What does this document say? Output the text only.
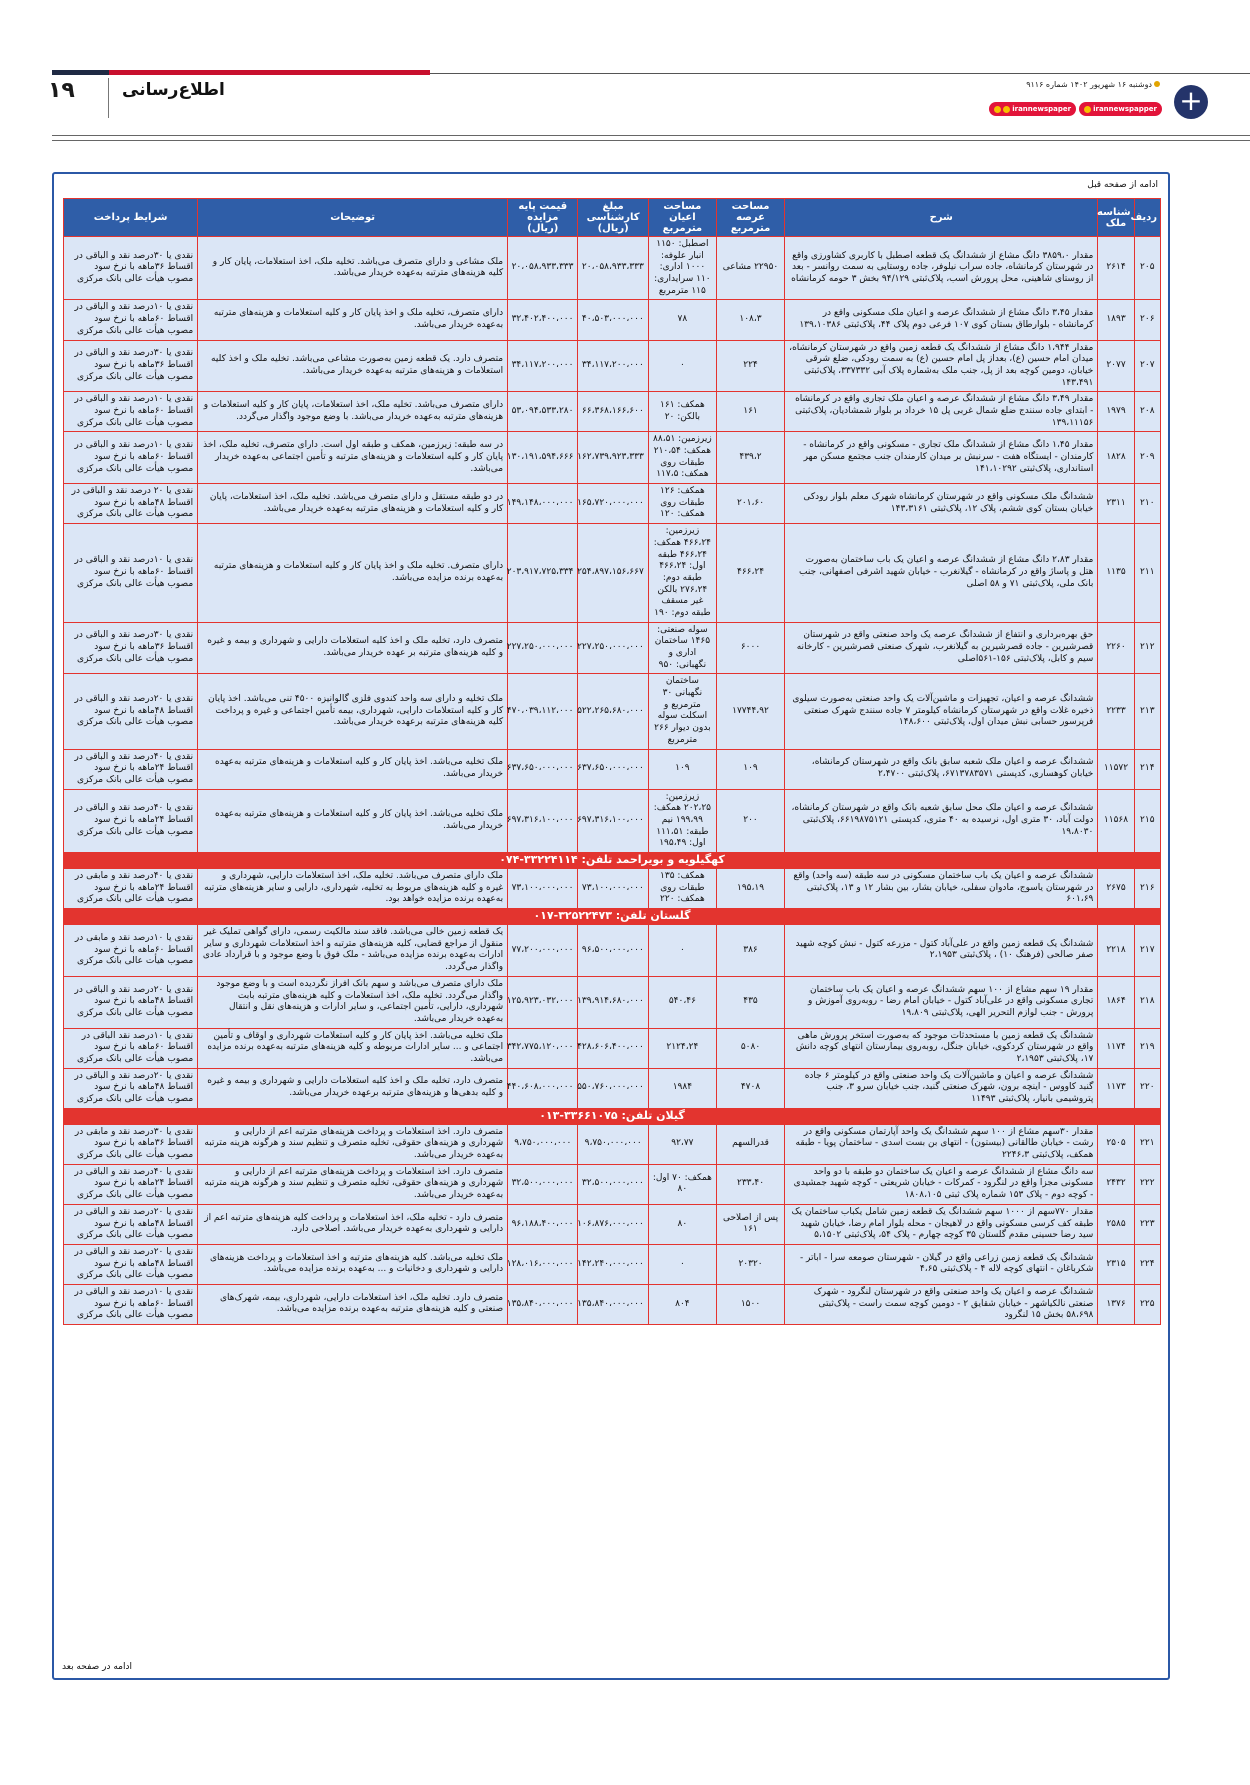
۱۹	اطلاع‌رسانی	+
دوشنبه ۱۶ شهریور ۱۴۰۲ شماره ۹۱۱۶
irannewspaper	irannewspapper
ادامه از صفحه قبل
ردیف	شناسه ملک	شرح	مساحت عرصه مترمربع	مساحت اعیان مترمربع	مبلغ کارشناسی (ریال)	قیمت پایه مزایده (ریال)	توضیحات	شرایط پرداخت
۲۰۵	۲۶۱۴	مقدار ۳۸۵۹،۰ دانگ مشاع از ششدانگ یک قطعه اصطبل با کاربری کشاورزی واقع در شهرستان کرمانشاه، جاده سراب نیلوفر، جاده روستایی به سمت روانسر - بعد از روستای شاهینی، محل پرورش اسب، پلاک‌ثبتی ۹۴/۱۲۹ بخش ۳ حومه کرمانشاه	۲۲۹۵۰ مشاعی	اصطبل: ۱۱۵۰ انبار علوفه: ۱۰۰۰ اداری: ۱۱۰ سرایداری: ۱۱۵ مترمربع	۲۰،۰۵۸،۹۳۳،۳۳۳	۲۰،۰۵۸،۹۳۳،۳۳۳	ملک مشاعی و دارای متصرف می‌باشد. تخلیه ملک، اخذ استعلامات، پایان کار و کلیه هزینه‌های مترتبه به‌عهده خریدار می‌باشد.	نقدی یا ۳۰درصد نقد و الباقی در اقساط ۳۶ماهه با نرخ سود مصوب هیأت عالی بانک مرکزی
۲۰۶	۱۸۹۳	مقدار ۳،۴۵ دانگ مشاع از ششدانگ عرصه و اعیان ملک مسکونی واقع در کرمانشاه - بلوارطاق بستان کوی ۱۰۷ فرعی دوم پلاک ۴۴، پلاک‌ثبتی ۱۳۹،۱۰۳۸۶	۱۰۸،۳	۷۸	۴۰،۵۰۳،۰۰۰،۰۰۰	۳۲،۴۰۲،۴۰۰،۰۰۰	دارای متصرف، تخلیه ملک و اخذ پایان کار و کلیه استعلامات و هزینه‌های مترتبه به‌عهده خریدار می‌باشد.	نقدی یا ۱۰درصد نقد و الباقی در اقساط ۶۰ماهه با نرخ سود مصوب هیأت عالی بانک مرکزی
۲۰۷	۲۰۷۷	مقدار ۱،۹۴۴ دانگ مشاع از ششدانگ یک قطعه زمین واقع در شهرستان کرمانشاه، میدان امام حسین (ع)، بعداز پل امام حسین (ع) به سمت رودکی، ضلع شرقی خیابان، دومین کوچه بعد از پل، جنب ملک به‌شماره پلاک آبی ۳۳۷۳۳۲، پلاک‌ثبتی ۱۴۳،۴۹۱	۲۲۴	۰	۳۴،۱۱۷،۲۰۰،۰۰۰	۳۴،۱۱۷،۲۰۰،۰۰۰	متصرف دارد. یک قطعه زمین به‌صورت مشاعی می‌باشد. تخلیه ملک و اخذ کلیه استعلامات و هزینه‌های مترتبه به‌عهده خریدار می‌باشد.	نقدی یا ۳۰درصد نقد و الباقی در اقساط ۳۶ماهه با نرخ سود مصوب هیأت عالی بانک مرکزی
۲۰۸	۱۹۷۹	مقدار ۳،۴۹ دانگ مشاع از ششدانگ عرصه و اعیان ملک تجاری واقع در کرمانشاه - ابتدای جاده سنندج ضلع شمال غربی پل ۱۵ خرداد بر بلوار شمشادیان، پلاک‌ثبتی ۱۳۹،۱۱۱۵۶	۱۶۱	همکف: ۱۶۱ بالکن: ۲۰	۶۶،۳۶۸،۱۶۶،۶۰۰	۵۳،۰۹۴،۵۳۳،۲۸۰	دارای متصرف می‌باشد. تخلیه ملک، اخذ استعلامات، پایان کار و کلیه استعلامات و هزینه‌های مترتبه به‌عهده خریدار می‌باشد. با وضع موجود واگذار می‌گردد.	نقدی یا ۱۰درصد نقد و الباقی در اقساط ۶۰ماهه با نرخ سود مصوب هیأت عالی بانک مرکزی
۲۰۹	۱۸۲۸	مقدار ۱،۴۵ دانگ مشاع از ششدانگ ملک تجاری - مسکونی واقع در کرمانشاه - کارمندان - ایستگاه هفت - سرنبش بر میدان کارمندان جنب مجتمع مسکن مهر استانداری، پلاک‌ثبتی ۱۴۱،۱۰۲۹۲	۴۳۹،۲	زیرزمین: ۸۸،۵۱ همکف: ۲۱۰،۵۴ طبقات روی همکف: ۱۱۷،۵	۱۶۲،۷۳۹،۹۲۳،۳۳۳	۱۳۰،۱۹۱،۵۹۴،۶۶۶	در سه طبقه: زیرزمین، همکف و طبقه اول است. دارای متصرف، تخلیه ملک، اخذ پایان کار و کلیه استعلامات و هزینه‌های مترتبه و تأمین اجتماعی به‌عهده خریدار می‌باشد.	نقدی یا ۱۰درصد نقد و الباقی در اقساط ۶۰ماهه با نرخ سود مصوب هیأت عالی بانک مرکزی
۲۱۰	۲۳۱۱	ششدانگ ملک مسکونی واقع در شهرستان کرمانشاه شهرک معلم بلوار رودکی خیابان بستان کوی ششم، پلاک ۱۲، پلاک‌ثبتی ۱۴۳،۳۱۶۱	۲۰۱،۶۰	همکف: ۱۲۶ طبقات روی همکف: ۱۲۰	۱۶۵،۷۲۰،۰۰۰،۰۰۰	۱۴۹،۱۴۸،۰۰۰،۰۰۰	در دو طبقه مستقل و دارای متصرف می‌باشد. تخلیه ملک، اخذ استعلامات، پایان کار و کلیه استعلامات و هزینه‌های مترتبه به‌عهده خریدار می‌باشد.	نقدی یا ۲۰ درصد نقد و الباقی در اقساط ۴۸ماهه با نرخ سود مصوب هیأت عالی بانک مرکزی
۲۱۱	۱۱۳۵	مقدار ۲،۸۳ دانگ مشاع از ششدانگ عرصه و اعیان یک باب ساختمان به‌صورت هتل و پاساژ واقع در کرمانشاه - گیلانغرب - خیابان شهید اشرفی اصفهانی، جنب بانک ملی، پلاک‌ثبتی ۷۱ و ۵۸ اصلی	۴۶۶،۲۴	زیرزمین: ۴۶۶،۲۴ همکف: ۴۶۶،۲۴ طبقه اول: ۴۶۶،۲۴ طبقه دوم: ۲۷۶،۲۴ بالکن غیر مسقف طبقه دوم: ۱۹۰	۲۵۴،۸۹۷،۱۵۶،۶۶۷	۲۰۳،۹۱۷،۷۲۵،۳۳۴	دارای متصرف. تخلیه ملک و اخذ پایان کار و کلیه استعلامات و هزینه‌های مترتبه به‌عهده برنده مزایده می‌باشد.	نقدی یا ۱۰درصد نقد و الباقی در اقساط ۶۰ماهه با نرخ سود مصوب هیأت عالی بانک مرکزی
۲۱۲	۲۲۶۰	حق بهره‌برداری و انتفاع از ششدانگ عرصه یک واحد صنعتی واقع در شهرستان قصرشیرین - جاده قصرشیرین به گیلانغرب، شهرک صنعتی قصرشیرین - کارخانه سیم و کابل، پلاک‌ثبتی ۱۵۶-۵۶۱اصلی	۶۰۰۰	سوله صنعتی: ۱۴۶۵ ساختمان اداری و نگهبانی: ۹۵۰	۲۲۷،۲۵۰،۰۰۰،۰۰۰	۲۲۷،۲۵۰،۰۰۰،۰۰۰	متصرف دارد، تخلیه ملک و اخذ کلیه استعلامات دارایی و شهرداری و بیمه و غیره و کلیه هزینه‌های مترتبه بر عهده خریدار می‌باشد.	نقدی یا ۳۰درصد نقد و الباقی در اقساط ۳۶ماهه با نرخ سود مصوب هیأت عالی بانک مرکزی
۲۱۳	۲۲۳۳	ششدانگ عرصه و اعیان، تجهیزات و ماشین‌آلات یک واحد صنعتی به‌صورت سیلوی ذخیره غلات واقع در شهرستان کرمانشاه کیلومتر ۷ جاده سنندج شهرک صنعتی فرپرسور حسابی نبش میدان اول، پلاک‌ثبتی ۱۴۸،۶۰۰	۱۷۷۴۴،۹۲	ساختمان نگهبانی ۳۰ مترمربع و اسکلت سوله بدون دیوار ۲۶۶ مترمربع	۵۲۲،۲۶۵،۶۸۰،۰۰۰	۴۷۰،۰۳۹،۱۱۲،۰۰۰	ملک تخلیه و دارای سه واحد کندوی فلزی گالوانیزه ۴۵۰۰ تنی می‌باشد. اخذ پایان کار و کلیه استعلامات دارایی، شهرداری، بیمه تأمین اجتماعی و غیره و پرداخت کلیه هزینه‌های مترتبه برعهده خریدار می‌باشد.	نقدی یا ۲۰درصد نقد و الباقی در اقساط ۴۸ماهه با نرخ سود مصوب هیأت عالی بانک مرکزی
۲۱۴	۱۱۵۷۲	ششدانگ عرصه و اعیان ملک شعبه سابق بانک واقع در شهرستان کرمانشاه، خیابان کوهساری، کدپستی ۶۷۱۳۷۸۳۵۷۱، پلاک‌ثبتی ۲،۴۷۰۰	۱۰۹	۱۰۹	۶۳۷،۶۵۰،۰۰۰،۰۰۰	۶۳۷،۶۵۰،۰۰۰،۰۰۰	ملک تخلیه می‌باشد. اخذ پایان کار و کلیه استعلامات و هزینه‌های مترتبه به‌عهده خریدار می‌باشد.	نقدی یا ۴۰درصد نقد و الباقی در اقساط ۲۴ماهه با نرخ سود مصوب هیأت عالی بانک مرکزی
۲۱۵	۱۱۵۶۸	ششدانگ عرصه و اعیان ملک محل سابق شعبه بانک واقع در شهرستان کرمانشاه، دولت آباد، ۳۰ متری اول، نرسیده به ۴۰ متری، کدپستی ۶۶۱۹۸۷۵۱۲۱، پلاک‌ثبتی ۱۹،۸۰۳۰	۲۰۰	زیرزمین: ۲۰۲،۲۵ همکف: ۱۹۹،۹۹ نیم طبقه: ۱۱۱،۵۱ اول: ۱۹۵،۴۹	۶۹۷،۳۱۶،۱۰۰،۰۰۰	۶۹۷،۳۱۶،۱۰۰،۰۰۰	ملک تخلیه می‌باشد. اخذ پایان کار و کلیه استعلامات و هزینه‌های مترتبه به‌عهده خریدار می‌باشد.	نقدی یا ۴۰درصد نقد و الباقی در اقساط ۲۴ماهه با نرخ سود مصوب هیأت عالی بانک مرکزی
کهگیلویه و بویراحمد تلفن: ۳۳۲۲۴۱۱۴-۰۷۴								
۲۱۶	۲۶۷۵	ششدانگ عرصه و اعیان یک باب ساختمان مسکونی در سه طبقه (سه واحد) واقع در شهرستان یاسوج، مادوان سفلی، خیابان بشار، بین بشار ۱۲ و ۱۳، پلاک‌ثبتی ۶۰۱،۶۹	۱۹۵،۱۹	همکف: ۱۳۵ طبقات روی همکف: ۲۲۰	۷۳،۱۰۰،۰۰۰،۰۰۰	۷۳،۱۰۰،۰۰۰،۰۰۰	ملک دارای متصرف می‌باشد. تخلیه ملک، اخذ استعلامات دارایی، شهرداری و غیره و کلیه هزینه‌های مربوط به تخلیه، شهرداری، دارایی و سایر هزینه‌های مترتبه به‌عهده برنده مزایده خواهد بود.	نقدی یا ۴۰درصد نقد و مابقی در اقساط ۲۴ماهه با نرخ سود مصوب هیأت عالی بانک مرکزی
گلستان تلفن: ۳۲۵۲۲۴۷۳-۰۱۷								
۲۱۷	۲۲۱۸	ششدانگ یک قطعه زمین واقع در علی‌آباد کتول - مزرعه کتول - نبش کوچه شهید صفر صالحی (فرهنگ ۱۰) ، پلاک‌ثبتی ۲،۱۹۵۳	۳۸۶	۰	۹۶،۵۰۰،۰۰۰،۰۰۰	۷۷،۲۰۰،۰۰۰،۰۰۰	یک قطعه زمین خالی می‌باشد. فاقد سند مالکیت رسمی، دارای گواهی تملیک غیر منقول از مراجع قضایی، کلیه هزینه‌های مترتبه و اخذ استعلامات شهرداری و سایر ادارات به‌عهده برنده مزایده می‌باشد - ملک فوق با وضع موجود و با قرارداد عادی واگذار می‌گردد.	نقدی یا ۱۰درصد نقد و مابقی در اقساط ۶۰ماهه با نرخ سود مصوب هیأت عالی بانک مرکزی
۲۱۸	۱۸۶۴	مقدار ۱۹ سهم مشاع از ۱۰۰ سهم ششدانگ عرصه و اعیان یک باب ساختمان تجاری مسکونی واقع در علی‌آباد کتول - خیابان امام رضا - روبه‌روی آموزش و پرورش - جنب لوازم التحریر الهی، پلاک‌ثبتی ۱۹،۸۰۹	۴۳۵	۵۴۰،۴۶	۱۳۹،۹۱۴،۶۸۰،۰۰۰	۱۲۵،۹۲۳،۰۳۲،۰۰۰	ملک دارای متصرف می‌باشد و سهم بانک افراز نگردیده است و با وضع موجود واگذار می‌گردد. تخلیه ملک، اخذ استعلامات و کلیه هزینه‌های مترتبه بابت شهرداری، دارایی، تأمین اجتماعی، و سایر ادارات و هزینه‌های نقل و انتقال به‌عهده خریدار می‌باشد.	نقدی یا ۲۰درصد نقد و الباقی در اقساط ۴۸ماهه با نرخ سود مصوب هیأت عالی بانک مرکزی
۲۱۹	۱۱۷۴	ششدانگ یک قطعه زمین با مستحدثات موجود که به‌صورت استخر پرورش ماهی واقع در شهرستان کردکوی، خیابان جنگل، روبه‌روی بیمارستان انتهای کوچه دانش ۱۷، پلاک‌ثبتی ۲،۱۹۵۳	۵۰۸۰	۲۱۲۴،۲۴	۴۲۸،۶۰۶،۴۰۰،۰۰۰	۳۴۲،۷۷۵،۱۲۰،۰۰۰	ملک تخلیه می‌باشد. اخذ پایان کار و کلیه استعلامات شهرداری و اوقاف و تأمین اجتماعی و ... سایر ادارات مربوطه و کلیه هزینه‌های مترتبه به‌عهده برنده مزایده می‌باشد.	نقدی یا ۱۰درصد نقد الباقی در اقساط ۶۰ماهه با نرخ سود مصوب هیأت عالی بانک مرکزی
۲۲۰	۱۱۷۳	ششدانگ عرصه و اعیان و ماشین‌آلات یک واحد صنعتی واقع در کیلومتر ۶ جاده گنبد کاووس - اینچه برون، شهرک صنعتی گنبد، جنب خیابان سرو ۳، جنب پتروشیمی بانیار، پلاک‌ثبتی ۱۱۴۹۳	۴۷۰۸	۱۹۸۴	۵۵۰،۷۶۰،۰۰۰،۰۰۰	۴۴۰،۶۰۸،۰۰۰،۰۰۰	متصرف دارد، تخلیه ملک و اخذ کلیه استعلامات دارایی و شهرداری و بیمه و غیره و کلیه بدهی‌ها و هزینه‌های مترتبه برعهده خریدار می‌باشد.	نقدی یا ۲۰درصد نقد و الباقی در اقساط ۴۸ماهه با نرخ سود مصوب هیأت عالی بانک مرکزی
گیلان تلفن: ۳۳۶۶۱۰۷۵-۰۱۳								
۲۲۱	۲۵۰۵	مقدار ۳۰سهم مشاع از ۱۰۰ سهم ششدانگ یک واحد آپارتمان مسکونی واقع در رشت - خیابان طالقانی (بیستون) - انتهای بن بست اسدی - ساختمان پویا - طبقه همکف، پلاک‌ثبتی ۲۲۴۶،۳	قدرالسهم	۹۲،۷۷	۹،۷۵۰،۰۰۰،۰۰۰	۹،۷۵۰،۰۰۰،۰۰۰	متصرف دارد. اخذ استعلامات و پرداخت هزینه‌های مترتبه اعم از دارایی و شهرداری و هزینه‌های حقوقی، تخلیه متصرف و تنظیم سند و هرگونه هزینه مترتبه به‌عهده خریدار می‌باشد.	نقدی یا ۳۰درصد نقد و مابقی در اقساط ۳۶ماهه با نرخ سود مصوب هیأت عالی بانک مرکزی
۲۲۲	۲۴۳۲	سه دانگ مشاع از ششدانگ عرصه و اعیان یک ساختمان دو طبقه با دو واحد مسکونی مجزا واقع در لنگرود - کمرکات - خیابان شریعتی - کوچه شهید جمشیدی - کوچه دوم - پلاک ۱۵۳ شماره پلاک ثبتی ۱۸۰۸،۱۰۵	۲۳۳،۴۰	همکف: ۷۰ اول: ۸۰	۳۲،۵۰۰،۰۰۰،۰۰۰	۳۲،۵۰۰،۰۰۰،۰۰۰	متصرف دارد. اخذ استعلامات و پرداخت هزینه‌های مترتبه اعم از دارایی و شهرداری و هزینه‌های حقوقی، تخلیه متصرف و تنظیم سند و هرگونه هزینه مترتبه به‌عهده خریدار می‌باشد.	نقدی یا ۴۰درصد نقد و الباقی در اقساط ۲۴ماهه با نرخ سود مصوب هیأت عالی بانک مرکزی
۲۲۳	۲۵۸۵	مقدار ۷۷۰سهم از ۱۰۰۰ سهم ششدانگ یک قطعه زمین شامل یکباب ساختمان یک طبقه کف کرسی مسکونی واقع در لاهیجان - محله بلوار امام رضا، خیابان شهید سید رضا حسینی مقدم گلستان ۳۵ کوچه چهارم - پلاک ۵۴، پلاک‌ثبتی ۵،۱۵۰۲	پس از اصلاحی ۱۶۱	۸۰	۱۰۶،۸۷۶،۰۰۰،۰۰۰	۹۶،۱۸۸،۴۰۰،۰۰۰	متصرف دارد - تخلیه ملک، اخذ استعلامات و پرداخت کلیه هزینه‌های مترتبه اعم از دارایی و شهرداری به‌عهده خریدار می‌باشد. اصلاحی دارد.	نقدی یا ۲۰درصد نقد و الباقی در اقساط ۴۸ماهه با نرخ سود مصوب هیأت عالی بانک مرکزی
۲۲۴	۲۳۱۵	ششدانگ یک قطعه زمین زراعی واقع در گیلان - شهرستان صومعه سرا - اباتر - شکرباغان - انتهای کوچه لاله ۴ - پلاک‌ثبتی ۴،۶۵	۲۰۳۲۰	۰	۱۴۲،۲۴۰،۰۰۰،۰۰۰	۱۲۸،۰۱۶،۰۰۰،۰۰۰	ملک تخلیه می‌باشد. کلیه هزینه‌های مترتبه و اخذ استعلامات و پرداخت هزینه‌های دارایی و شهرداری و دخانیات و ... به‌عهده برنده مزایده می‌باشد.	نقدی یا ۲۰درصد نقد و الباقی در اقساط ۴۸ماهه با نرخ سود مصوب هیأت عالی بانک مرکزی
۲۲۵	۱۳۷۶	ششدانگ عرصه و اعیان یک واحد صنعتی واقع در شهرستان لنگرود - شهرک صنعتی نالکیاشهر - خیابان شقایق ۲ - دومین کوچه سمت راست - پلاک‌ثبتی ۵۸،۶۹۸ بخش ۱۵ لنگرود	۱۵۰۰	۸۰۴	۱۳۵،۸۴۰،۰۰۰،۰۰۰	۱۳۵،۸۴۰،۰۰۰،۰۰۰	متصرف دارد. تخلیه ملک، اخذ استعلامات دارایی، شهرداری، بیمه، شهرک‌های صنعتی و کلیه هزینه‌های مترتبه به‌عهده برنده مزایده می‌باشد.	نقدی یا ۱۰درصد نقد و الباقی در اقساط ۶۰ماهه با نرخ سود مصوب هیأت عالی بانک مرکزی
ادامه در صفحه بعد
